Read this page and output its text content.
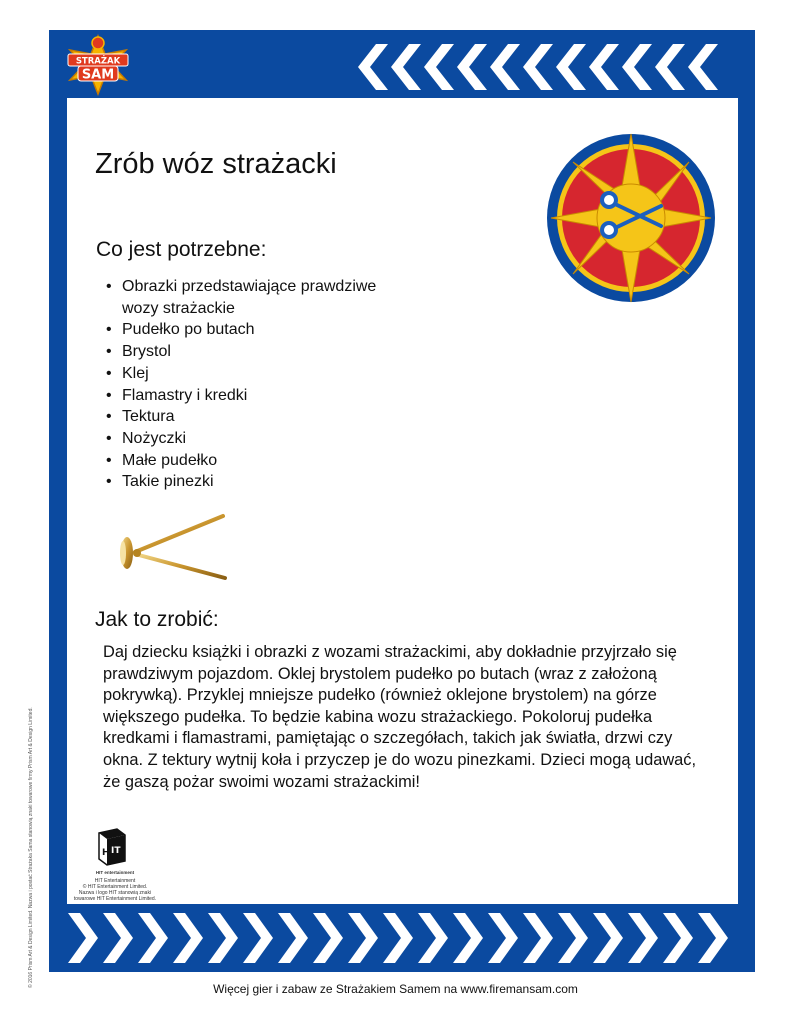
STRAŻAK
SAM
Zrób wóz strażacki
Co jest potrzebne:
• Obrazki przedstawiające prawdziwe wozy strażackie
• Pudełko po butach
• Brystol
• Klej
• Flamastry i kredki
• Tektura
• Nożyczki
• Małe pudełko
• Takie pinezki
Jak to zrobić:

Daj dziecku książki i obrazki z wozami strażackimi, aby dokładnie przyjrzało się prawdziwym pojazdom. Oklej brystolem pudełko po butach (wraz z założoną pokrywką). Przyklej mniejsze pudełko (również oklejone brystolem) na górze większego pudełka. To będzie kabina wozu strażackiego. Pokoloruj pudełka kredkami i flamastrami, pamiętając o szczegółach, takich jak światła, drzwi czy okna. Z tektury wytnij koła i przyczep je do wozu pinezkami. Dzieci mogą udawać, że gaszą pożar swoimi wozami strażackimi!

H IT
HIT entertainment
HIT Entertainment
© HIT Entertainment Limited.
Nazwa i logo HIT stanowią znaki
towarowe HIT Entertainment Limited.
© 2016 Prism Art & Design Limited. Nazwa i postać Strażaka Sama stanowią znaki towarowe firmy Prism Art & Design Limited.
Więcej gier i zabaw ze Strażakiem Samem na www.firemansam.com
